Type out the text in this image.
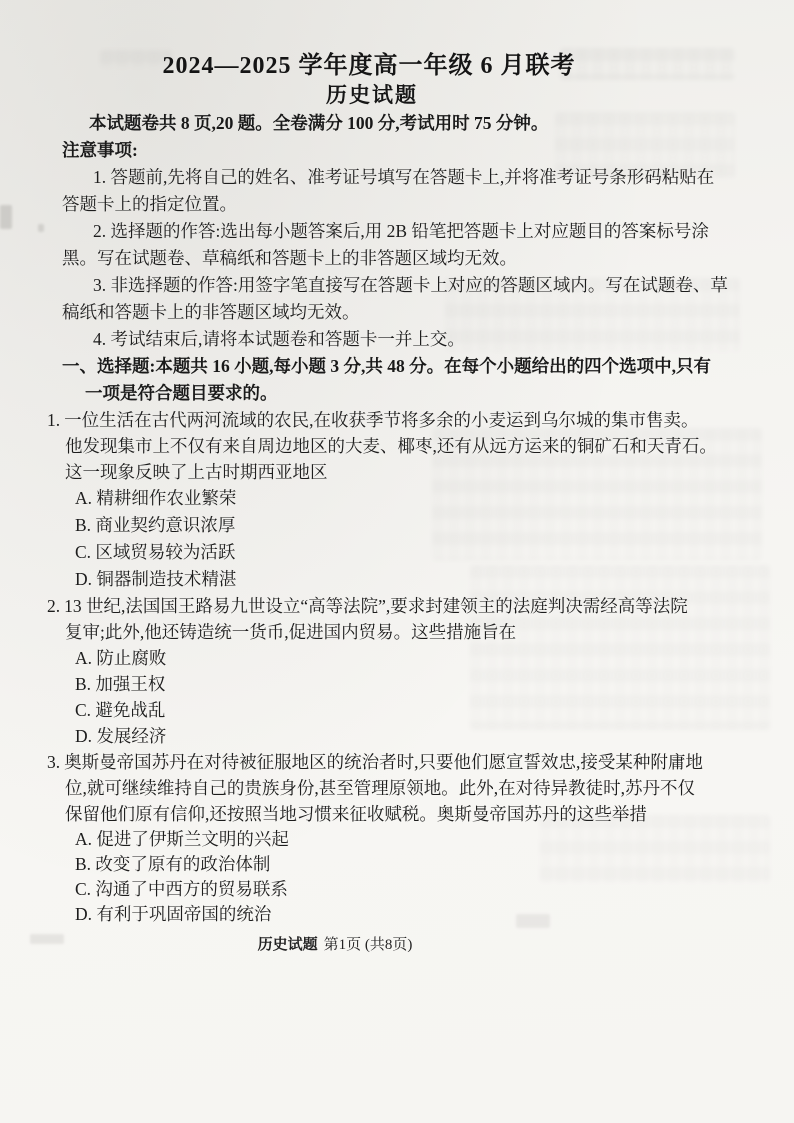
2024—2025 学年度高一年级 6 月联考
历史试题
本试题卷共 8 页,20 题。全卷满分 100 分,考试用时 75 分钟。
注意事项:
1. 答题前,先将自己的姓名、准考证号填写在答题卡上,并将准考证号条形码粘贴在
答题卡上的指定位置。
2. 选择题的作答:选出每小题答案后,用 2B 铅笔把答题卡上对应题目的答案标号涂
黑。写在试题卷、草稿纸和答题卡上的非答题区域均无效。
3. 非选择题的作答:用签字笔直接写在答题卡上对应的答题区域内。写在试题卷、草
稿纸和答题卡上的非答题区域均无效。
4. 考试结束后,请将本试题卷和答题卡一并上交。
一、选择题:本题共 16 小题,每小题 3 分,共 48 分。在每个小题给出的四个选项中,只有
一项是符合题目要求的。
1. 一位生活在古代两河流域的农民,在收获季节将多余的小麦运到乌尔城的集市售卖。
他发现集市上不仅有来自周边地区的大麦、椰枣,还有从远方运来的铜矿石和天青石。
这一现象反映了上古时期西亚地区
A. 精耕细作农业繁荣
B. 商业契约意识浓厚
C. 区域贸易较为活跃
D. 铜器制造技术精湛
2. 13 世纪,法国国王路易九世设立“高等法院”,要求封建领主的法庭判决需经高等法院
复审;此外,他还铸造统一货币,促进国内贸易。这些措施旨在
A. 防止腐败
B. 加强王权
C. 避免战乱
D. 发展经济
3. 奥斯曼帝国苏丹在对待被征服地区的统治者时,只要他们愿宣誓效忠,接受某种附庸地
位,就可继续维持自己的贵族身份,甚至管理原领地。此外,在对待异教徒时,苏丹不仅
保留他们原有信仰,还按照当地习惯来征收赋税。奥斯曼帝国苏丹的这些举措
A. 促进了伊斯兰文明的兴起
B. 改变了原有的政治体制
C. 沟通了中西方的贸易联系
D. 有利于巩固帝国的统治
历史试题 第1页 (共8页)
